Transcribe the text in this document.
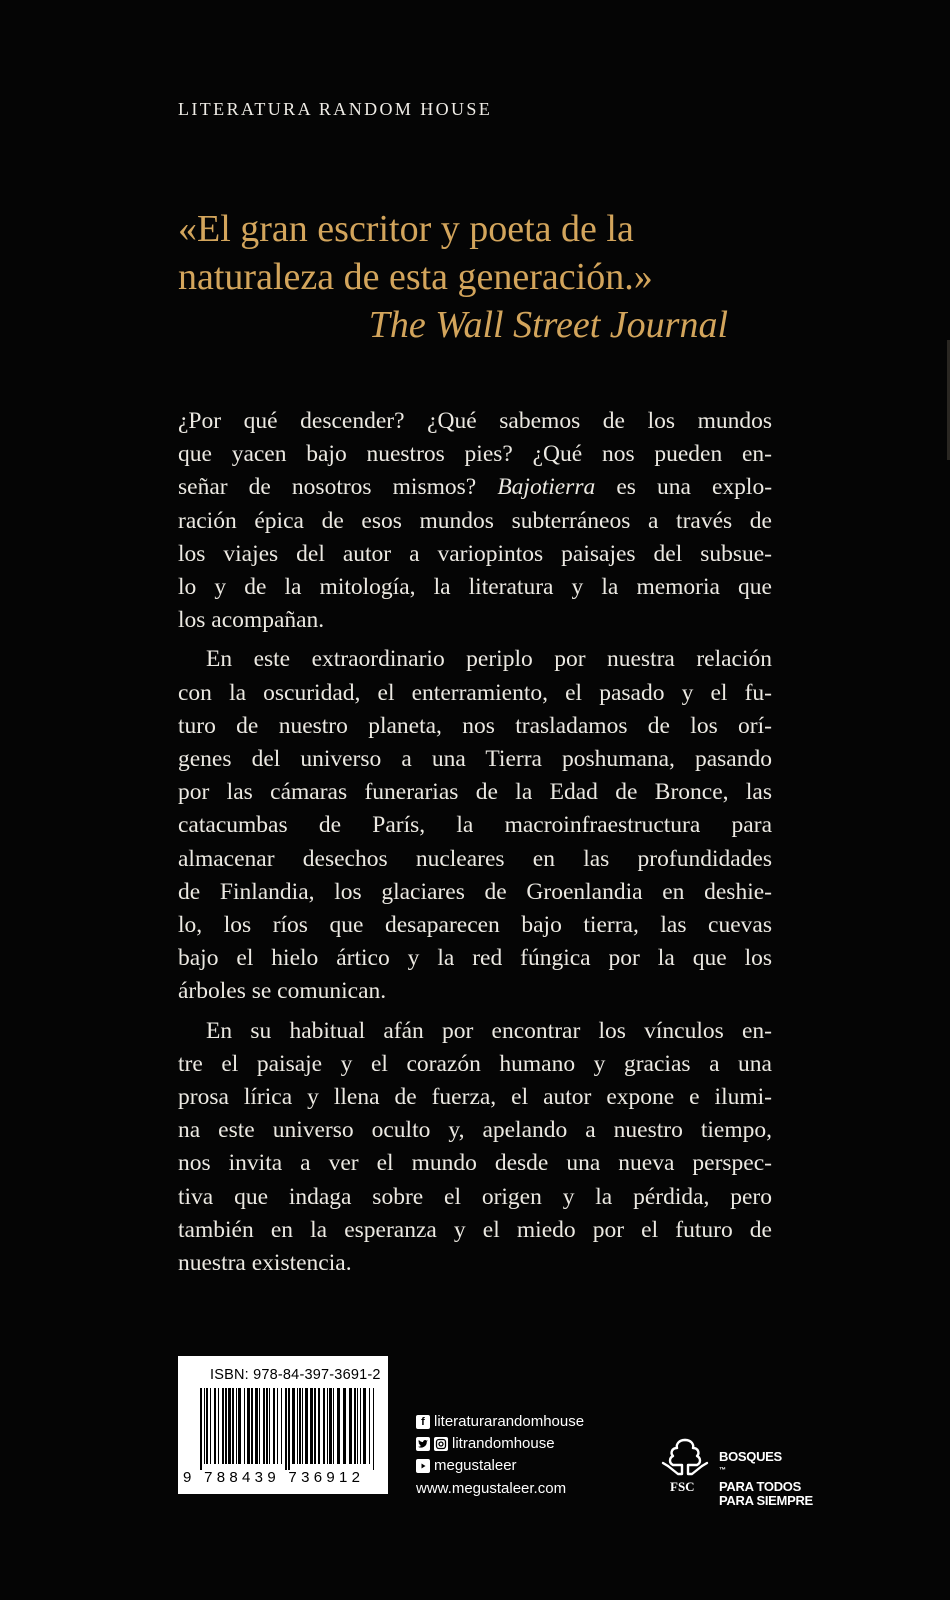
LITERATURA RANDOM HOUSE
«El gran escritor y poeta de la
naturaleza de esta generación.»
The Wall Street Journal
¿Por qué descender? ¿Qué sabemos de los mundos
que yacen bajo nuestros pies? ¿Qué nos pueden en-
señar de nosotros mismos? Bajotierra es una explo-
ración épica de esos mundos subterráneos a través de
los viajes del autor a variopintos paisajes del subsue-
lo y de la mitología, la literatura y la memoria que
los acompañan.
En este extraordinario periplo por nuestra relación
con la oscuridad, el enterramiento, el pasado y el fu-
turo de nuestro planeta, nos trasladamos de los orí-
genes del universo a una Tierra poshumana, pasando
por las cámaras funerarias de la Edad de Bronce, las
catacumbas de París, la macroinfraestructura para
almacenar desechos nucleares en las profundidades
de Finlandia, los glaciares de Groenlandia en deshie-
lo, los ríos que desaparecen bajo tierra, las cuevas
bajo el hielo ártico y la red fúngica por la que los
árboles se comunican.
En su habitual afán por encontrar los vínculos en-
tre el paisaje y el corazón humano y gracias a una
prosa lírica y llena de fuerza, el autor expone e ilumi-
na este universo oculto y, apelando a nuestro tiempo,
nos invita a ver el mundo desde una nueva perspec-
tiva que indaga sobre el origen y la pérdida, pero
también en la esperanza y el miedo por el futuro de
nuestra existencia.
ISBN: 978-84-397-3691-2
9 788439 736912
f literaturarandomhouse
litrandomhouse
megustaleer
www.megustaleer.com	FSC
BOSQUES
™
PARA TODOS
PARA SIEMPRE
